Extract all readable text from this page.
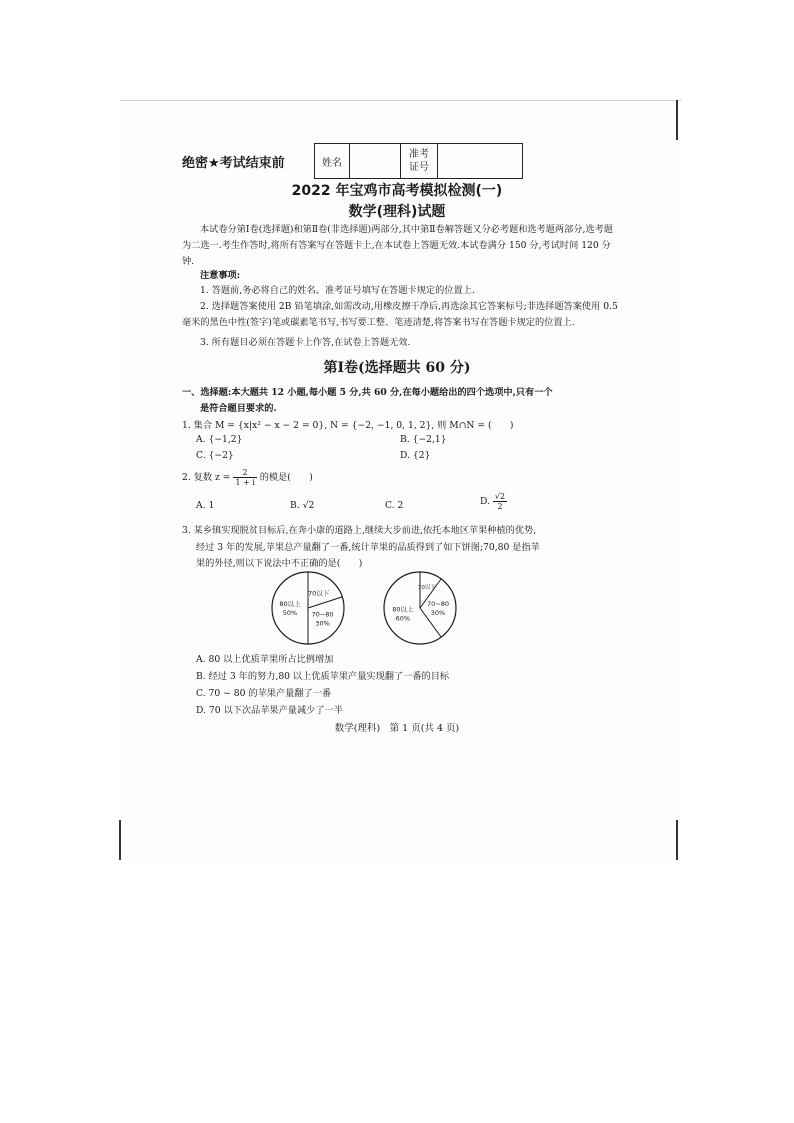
绝密★考试结束前	姓名		准考
证号	
2022 年宝鸡市高考模拟检测(一)
数学(理科)试题
本试卷分第Ⅰ卷(选择题)和第Ⅱ卷(非选择题)两部分,其中第Ⅱ卷解答题又分必考题和选考题两部分,选考题为二选一.考生作答时,将所有答案写在答题卡上,在本试卷上答题无效.本试卷满分 150 分,考试时间 120 分钟.
注意事项:
1. 答题前,务必将自己的姓名、准考证号填写在答题卡规定的位置上.
2. 选择题答案使用 2B 铅笔填涂,如需改动,用橡皮擦干净后,再选涂其它答案标号;非选择题答案使用 0.5 毫米的黑色中性(签字)笔或碳素笔书写,书写要工整、笔迹清楚,将答案书写在答题卡规定的位置上.
3. 所有题目必须在答题卡上作答,在试卷上答题无效.
第Ⅰ卷(选择题共 60 分)
一、选择题:本大题共 12 小题,每小题 5 分,共 60 分,在每小题给出的四个选项中,只有一个
是符合题目要求的.
1. 集合 M = {x|x² − x − 2 = 0}, N = {−2, −1, 0, 1, 2}, 则 M∩N = (　　)
A. {−1,2}	B. {−2,1}
C. {−2}	D. {2}
2. 复数 $z = \frac{2}{1 + i}$ 的模是(　　)
A. 1	B. √2	C. 2	D. $\frac{√2}{2}$
3. 某乡镇实现脱贫目标后,在奔小康的道路上,继续大步前进,依托本地区苹果种植的优势,
经过 3 年的发展,苹果总产量翻了一番,统计苹果的品质得到了如下饼图;70,80 是指苹
果的外径,则以下说法中不正确的是(　　)
80以上
50% 70~80
30%
70以下
80以上
60%
70~80
30%
70以下
A. 80 以上优质苹果所占比例增加
B. 经过 3 年的努力,80 以上优质苹果产量实现翻了一番的目标
C. 70 ~ 80 的苹果产量翻了一番
D. 70 以下次品苹果产量减少了一半
数学(理科)　第 1 页(共 4 页)
